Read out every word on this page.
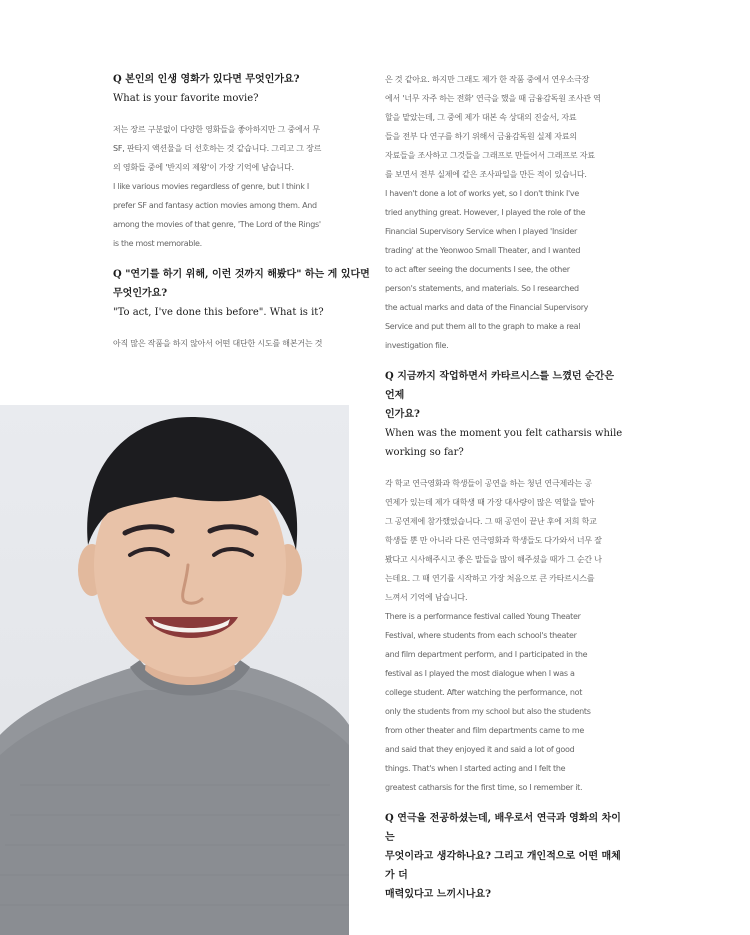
Q 본인의 인생 영화가 있다면 무엇인가요?
What is your favorite movie?
저는 장르 구분없이 다양한 영화들을 좋아하지만 그 중에서 무
SF, 판타지 액션물을 더 선호하는 것 같습니다. 그리고 그 장르
의 영화들 중에 '반지의 제왕'이 가장 기억에 남습니다.
I like various movies regardless of genre, but I think I
prefer SF and fantasy action movies among them. And
among the movies of that genre, 'The Lord of the Rings'
is the most memorable.
Q "연기를 하기 위해, 이런 것까지 해봤다" 하는 게 있다면
무엇인가요?
"To act, I've done this before". What is it?
아직 많은 작품을 하지 않아서 어떤 대단한 시도를 해본거는 것
은 것 같아요. 하지만 그래도 제가 한 작품 중에서 연우소극장
에서 '너무 자주 하는 전화' 연극을 했을 때 금융감독원 조사관 역
할을 맡았는데, 그 중에 제가 대본 속 상대의 진술서, 자료
들을 전부 다 연구를 하기 위해서 금융감독원 실제 자료의
자료들을 조사하고 그것들을 그래프로 만들어서 그래프로 자료
를 보면서 전부 실제에 같은 조사파일을 만든 적이 있습니다.
I haven't done a lot of works yet, so I don't think I've
tried anything great. However, I played the role of the
Financial Supervisory Service when I played 'Insider
trading' at the Yeonwoo Small Theater, and I wanted
to act after seeing the documents I see, the other
person's statements, and materials. So I researched
the actual marks and data of the Financial Supervisory
Service and put them all to the graph to make a real
investigation file.
Q 지금까지 작업하면서 카타르시스를 느꼈던 순간은 언제
인가요?
When was the moment you felt catharsis while
working so far?
각 학교 연극영화과 학생들이 공연을 하는 청년 연극제라는 공
연제가 있는데 제가 대학생 때 가장 대사량이 많은 역할을 맡아
그 공연제에 참가했었습니다. 그 때 공연이 끝난 후에 저희 학교
학생들 뿐 만 아니라 다른 연극영화과 학생들도 다가와서 너무 잘
봤다고 시사해주시고 좋은 말들을 많이 해주셨을 때가 그 순간 나
는데요. 그 때 연기를 시작하고 가장 처음으로 큰 카타르시스를
느껴서 기억에 남습니다.
There is a performance festival called Young Theater
Festival, where students from each school's theater
and film department perform, and I participated in the
festival as I played the most dialogue when I was a
college student. After watching the performance, not
only the students from my school but also the students
from other theater and film departments came to me
and said that they enjoyed it and said a lot of good
things. That's when I started acting and I felt the
greatest catharsis for the first time, so I remember it.
Q 연극을 전공하셨는데, 배우로서 연극과 영화의 차이는
무엇이라고 생각하나요? 그리고 개인적으로 어떤 매체가 더
매력있다고 느끼시나요?
